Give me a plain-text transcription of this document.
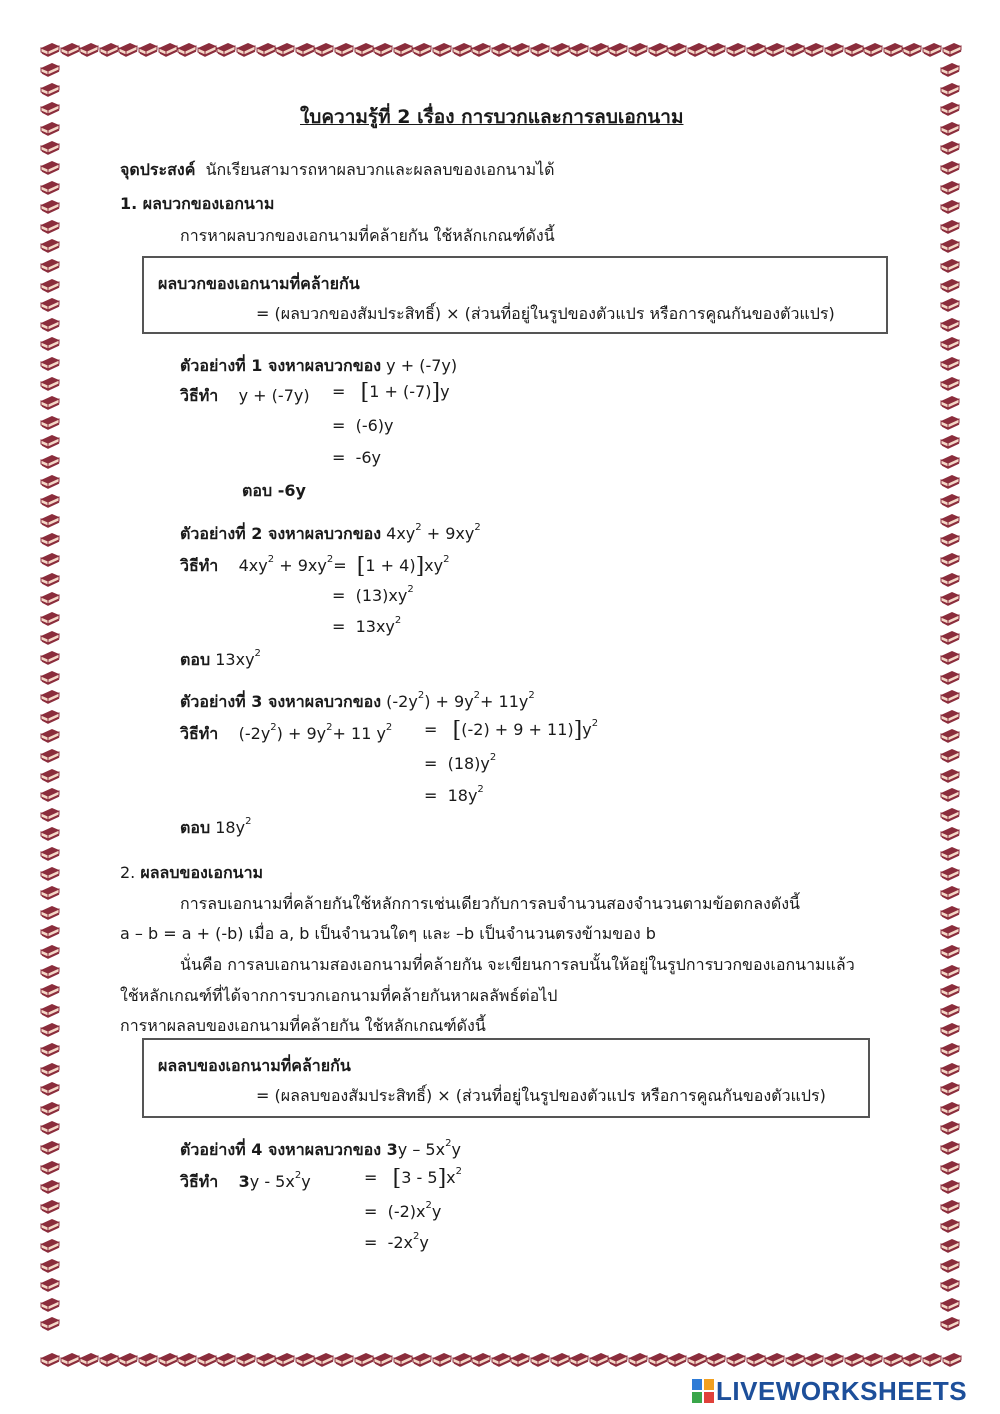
ใบความรู้ที่ 2 เรื่อง การบวกและการลบเอกนาม
จุดประสงค์ นักเรียนสามารถหาผลบวกและผลลบของเอกนามได้
1. ผลบวกของเอกนาม
การหาผลบวกของเอกนามที่คล้ายกัน ใช้หลักเกณฑ์ดังนี้
ผลบวกของเอกนามที่คล้ายกัน
= (ผลบวกของสัมประสิทธิ์) × (ส่วนที่อยู่ในรูปของตัวแปร หรือการคูณกันของตัวแปร)
ตัวอย่างที่ 1 จงหาผลบวกของ y + (-7y)
วิธีทำ y + (-7y) = [1 + (-7)]y
= (-6)y
= -6y
ตอบ -6y
ตัวอย่างที่ 2 จงหาผลบวกของ $4xy^2 + 9xy^2$
วิธีทำ $4xy^2 + 9xy^2= [1 + 4)]xy^2$
= $(13)xy^2$
= $13xy^2$
ตอบ $13xy^2$
ตัวอย่างที่ 3 จงหาผลบวกของ $(-2y^2) + 9y^2+ 11y^2$
วิธีทำ $(-2y^2) + 9y^2+ 11$ $y^2 = [(-2) + 9 + 11)]y^2$
= $(18)y^2$
= $18y^2$
ตอบ $18y^2$
2. ผลลบของเอกนาม
การลบเอกนามที่คล้ายกันใช้หลักการเช่นเดียวกับการลบจำนวนสองจำนวนตามข้อตกลงดังนี้
a – b = a + (-b) เมื่อ a, b เป็นจำนวนใดๆ และ –b เป็นจำนวนตรงข้ามของ b
นั่นคือ การลบเอกนามสองเอกนามที่คล้ายกัน จะเขียนการลบนั้นให้อยู่ในรูปการบวกของเอกนามแล้ว
ใช้หลักเกณฑ์ที่ได้จากการบวกเอกนามที่คล้ายกันหาผลลัพธ์ต่อไป
การหาผลลบของเอกนามที่คล้ายกัน ใช้หลักเกณฑ์ดังนี้
ผลลบของเอกนามที่คล้ายกัน
= (ผลลบของสัมประสิทธิ์) × (ส่วนที่อยู่ในรูปของตัวแปร หรือการคูณกันของตัวแปร)
ตัวอย่างที่ 4 จงหาผลบวกของ $3y - 5x^2y$
วิธีทำ $3y - 5x^2y$	= $[3 - 5]x^2$
= $(-2)x^2y$
= $-2x^2y$
LIVEWORKSHEETS
